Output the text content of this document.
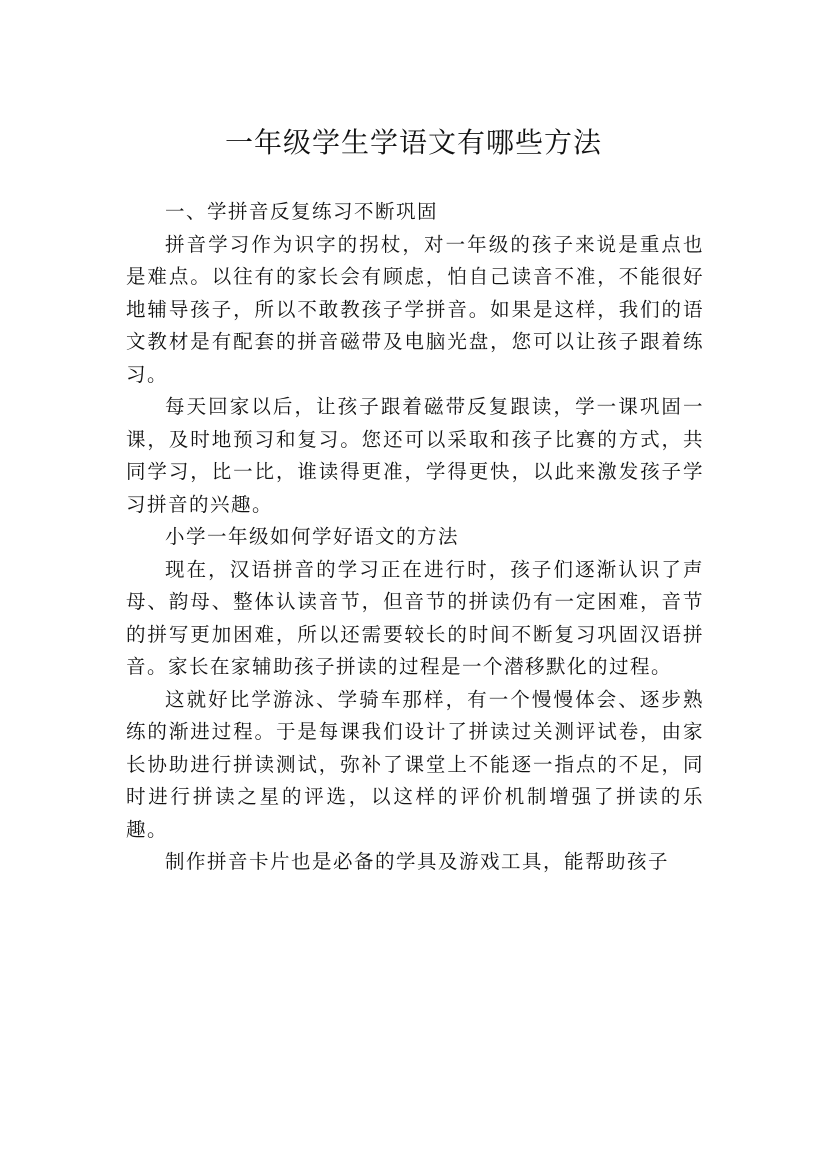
一年级学生学语文有哪些方法

一、学拼音反复练习不断巩固

拼音学习作为识字的拐杖，对一年级的孩子来说是重点也是难点。以往有的家长会有顾虑，怕自己读音不准，不能很好地辅导孩子，所以不敢教孩子学拼音。如果是这样，我们的语文教材是有配套的拼音磁带及电脑光盘，您可以让孩子跟着练习。

每天回家以后，让孩子跟着磁带反复跟读，学一课巩固一课，及时地预习和复习。您还可以采取和孩子比赛的方式，共同学习，比一比，谁读得更准，学得更快，以此来激发孩子学习拼音的兴趣。

小学一年级如何学好语文的方法

现在，汉语拼音的学习正在进行时，孩子们逐渐认识了声母、韵母、整体认读音节，但音节的拼读仍有一定困难，音节的拼写更加困难，所以还需要较长的时间不断复习巩固汉语拼音。家长在家辅助孩子拼读的过程是一个潜移默化的过程。

这就好比学游泳、学骑车那样，有一个慢慢体会、逐步熟练的渐进过程。于是每课我们设计了拼读过关测评试卷，由家长协助进行拼读测试，弥补了课堂上不能逐一指点的不足，同时进行拼读之星的评选，以这样的评价机制增强了拼读的乐趣。

制作拼音卡片也是必备的学具及游戏工具，能帮助孩子
